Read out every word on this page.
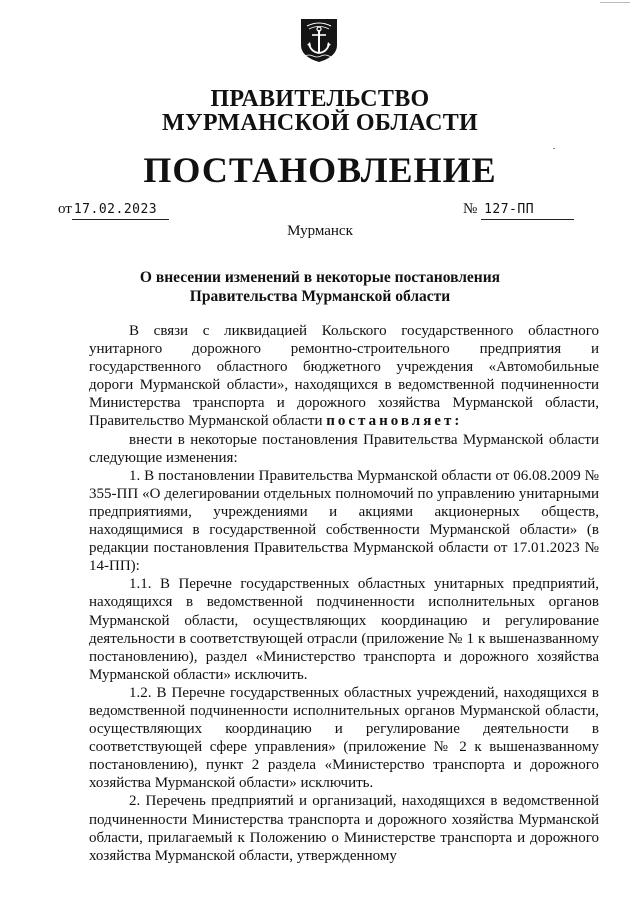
ПРАВИТЕЛЬСТВО
МУРМАНСКОЙ ОБЛАСТИ
ПОСТАНОВЛЕНИЕ
от 17.02.2023	№ 127-ПП
Мурманск
О внесении изменений в некоторые постановления
Правительства Мурманской области

В связи с ликвидацией Кольского государственного областного унитарного дорожного ремонтно-строительного предприятия и государственного областного бюджетного учреждения «Автомобильные дороги Мурманской области», находящихся в ведомственной подчиненности Министерства транспорта и дорожного хозяйства Мурманской области, Правительство Мурманской области постановляет:

внести в некоторые постановления Правительства Мурманской области следующие изменения:

1. В постановлении Правительства Мурманской области от 06.08.2009 № 355-ПП «О делегировании отдельных полномочий по управлению унитарными предприятиями, учреждениями и акциями акционерных обществ, находящимися в государственной собственности Мурманской области» (в редакции постановления Правительства Мурманской области от 17.01.2023 № 14-ПП):

1.1. В Перечне государственных областных унитарных предприятий, находящихся в ведомственной подчиненности исполнительных органов Мурманской области, осуществляющих координацию и регулирование деятельности в соответствующей отрасли (приложение № 1 к вышеназванному постановлению), раздел «Министерство транспорта и дорожного хозяйства Мурманской области» исключить.

1.2. В Перечне государственных областных учреждений, находящихся в ведомственной подчиненности исполнительных органов Мурманской области, осуществляющих координацию и регулирование деятельности в соответствующей сфере управления» (приложение № 2 к вышеназванному постановлению), пункт 2 раздела «Министерство транспорта и дорожного хозяйства Мурманской области» исключить.

2. Перечень предприятий и организаций, находящихся в ведомственной подчиненности Министерства транспорта и дорожного хозяйства Мурманской области, прилагаемый к Положению о Министерстве транспорта и дорожного хозяйства Мурманской области, утвержденному
